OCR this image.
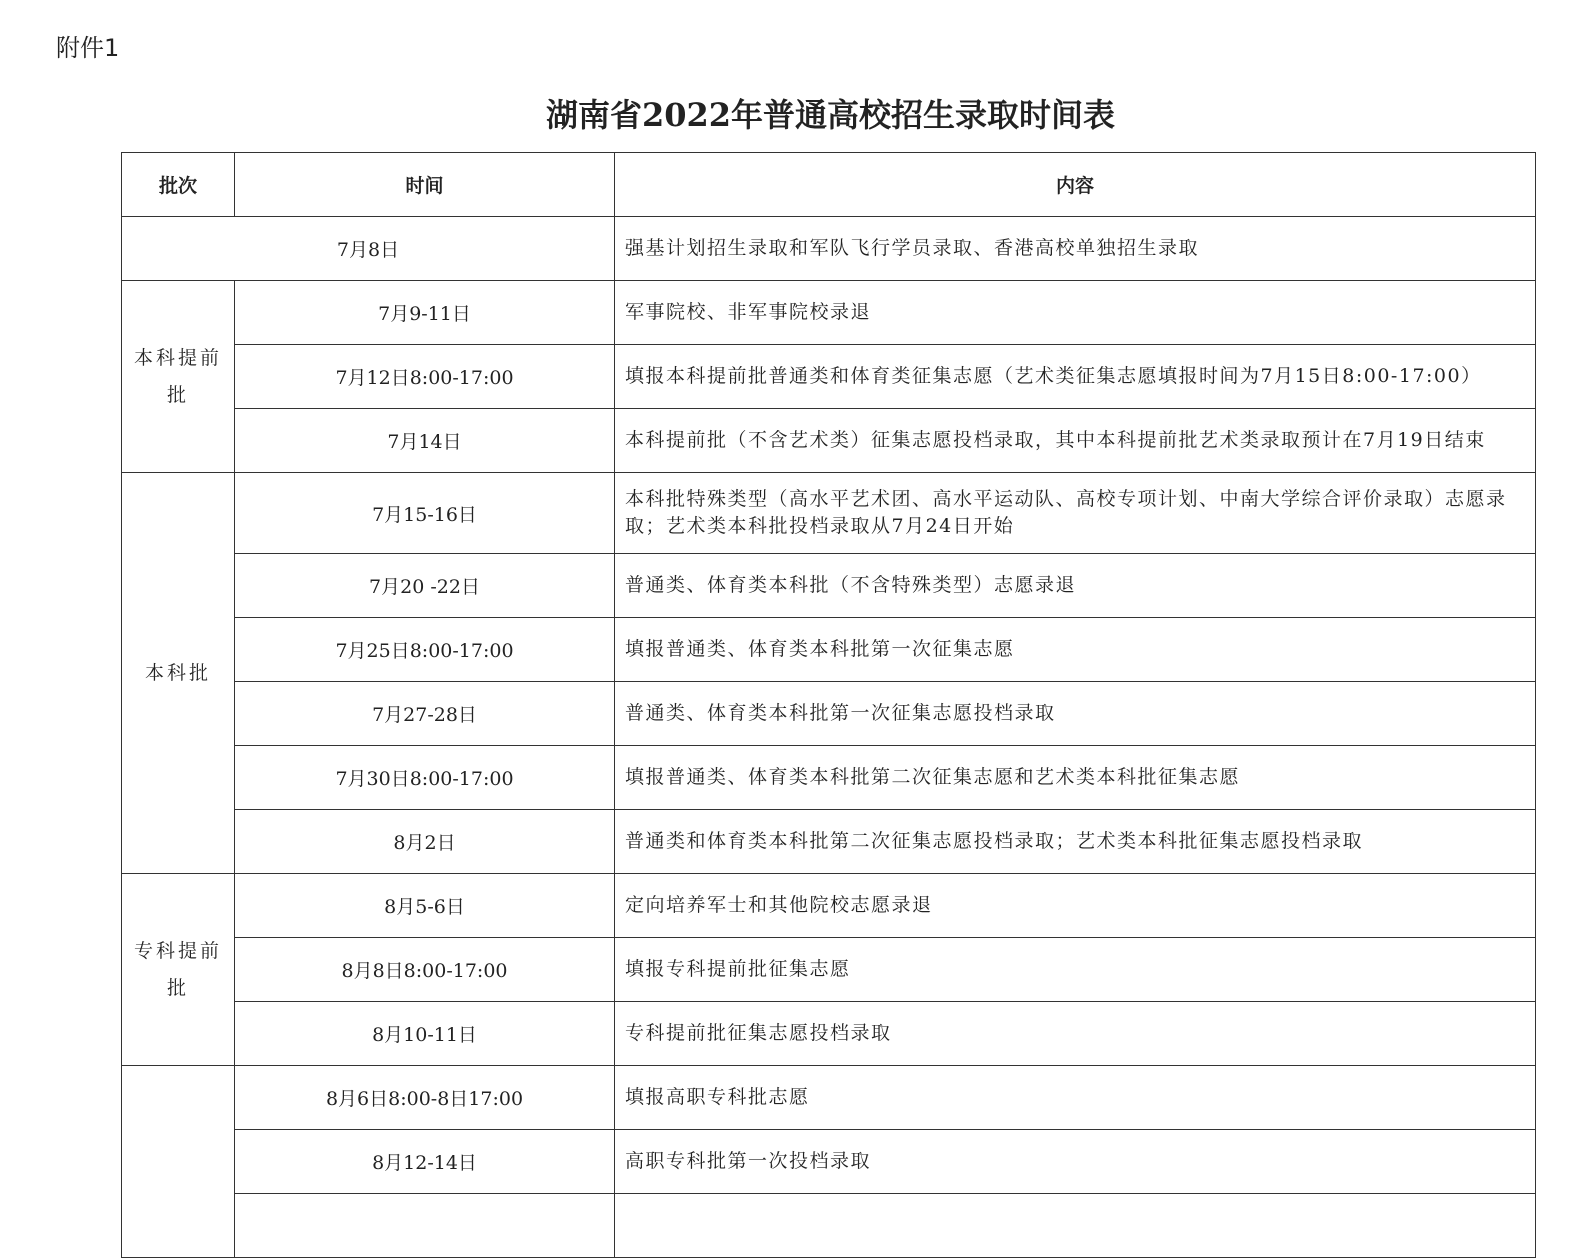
附件1
湖南省2022年普通高校招生录取时间表
批次	时间	内容
7月8日		强基计划招生录取和军队飞行学员录取、香港高校单独招生录取
本科提前批	7月9-11日	军事院校、非军事院校录退
	7月12日8:00-17:00	填报本科提前批普通类和体育类征集志愿（艺术类征集志愿填报时间为7月15日8:00-17:00）
	7月14日	本科提前批（不含艺术类）征集志愿投档录取，其中本科提前批艺术类录取预计在7月19日结束
本科批	7月15-16日	本科批特殊类型（高水平艺术团、高水平运动队、高校专项计划、中南大学综合评价录取）志愿录取；艺术类本科批投档录取从7月24日开始
	7月20 -22日	普通类、体育类本科批（不含特殊类型）志愿录退
	7月25日8:00-17:00	填报普通类、体育类本科批第一次征集志愿
	7月27-28日	普通类、体育类本科批第一次征集志愿投档录取
	7月30日8:00-17:00	填报普通类、体育类本科批第二次征集志愿和艺术类本科批征集志愿
	8月2日	普通类和体育类本科批第二次征集志愿投档录取；艺术类本科批征集志愿投档录取
专科提前批	8月5-6日	定向培养军士和其他院校志愿录退
	8月8日8:00-17:00	填报专科提前批征集志愿
	8月10-11日	专科提前批征集志愿投档录取
	8月6日8:00-8日17:00	填报高职专科批志愿
	8月12-14日	高职专科批第一次投档录取
